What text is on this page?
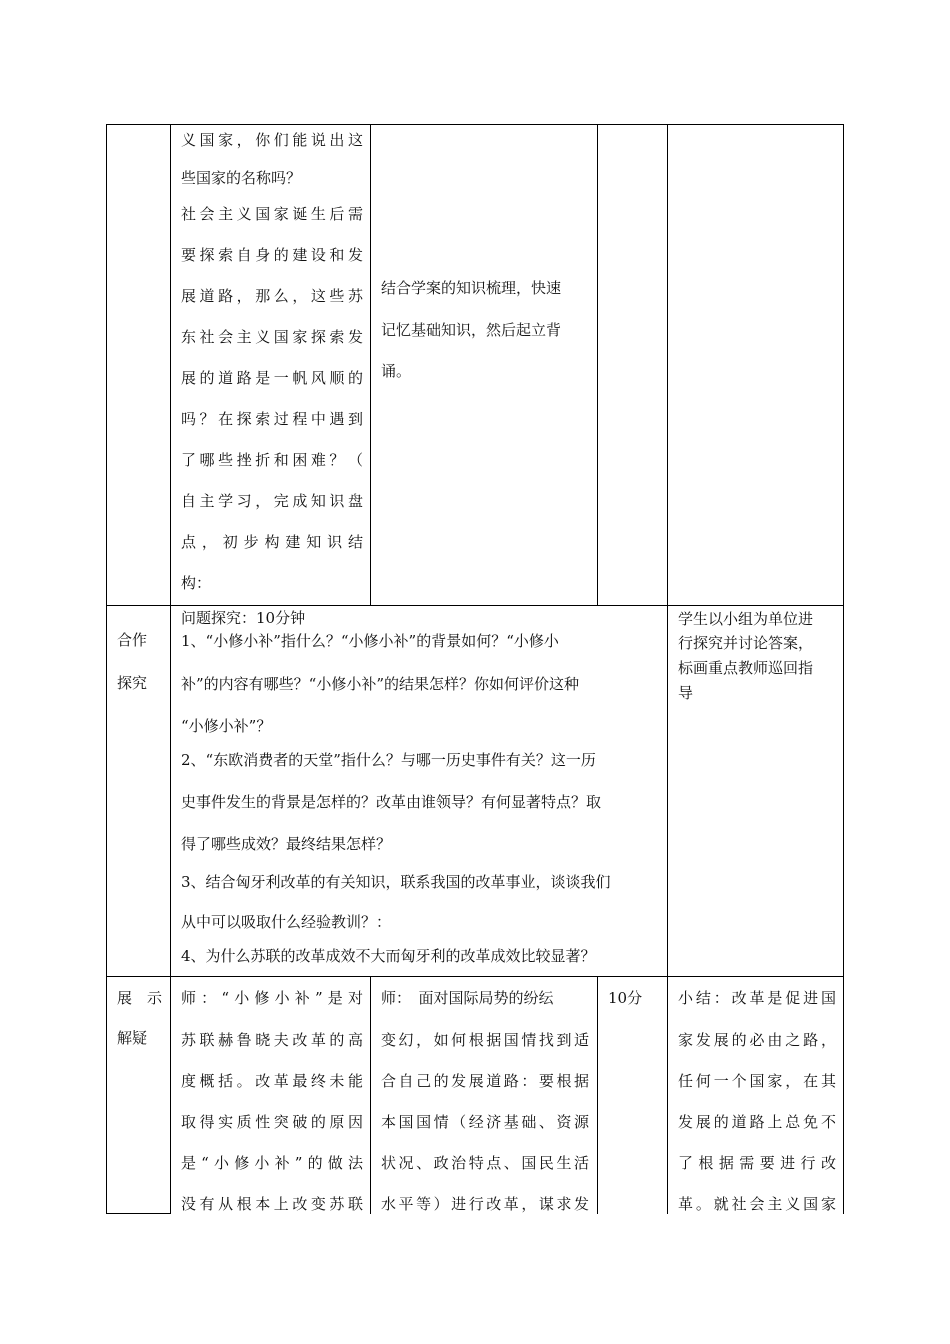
义国家，你们能说出这
些国家的名称吗？
社会主义国家诞生后需
要探索自身的建设和发
展道路，那么，这些苏
东社会主义国家探索发
展的道路是一帆风顺的
吗？在探索过程中遇到
了哪些挫折和困难？（
自主学习，完成知识盘
点，初步构建知识结
构：
结合学案的知识梳理，快速
记忆基础知识，然后起立背
诵。
合作
探究
问题探究：10分钟
1、“小修小补”指什么？“小修小补”的背景如何？“小修小
补”的内容有哪些？“小修小补”的结果怎样？你如何评价这种
“小修小补”？
2、“东欧消费者的天堂”指什么？与哪一历史事件有关？这一历
史事件发生的背景是怎样的？改革由谁领导？有何显著特点？取
得了哪些成效？最终结果怎样？
3、结合匈牙利改革的有关知识，联系我国的改革事业，谈谈我们
从中可以吸取什么经验教训？：
4、为什么苏联的改革成效不大而匈牙利的改革成效比较显著？
学生以小组为单位进
行探究并讨论答案，
标画重点教师巡回指
导
展　示
解疑
师：“小修小补”是对
苏联赫鲁晓夫改革的高
度概括。改革最终未能
取得实质性突破的原因
是“小修小补”的做法
没有从根本上改变苏联
师：　面对国际局势的纷纭
变幻，如何根据国情找到适
合自己的发展道路：要根据
本国国情（经济基础、资源
状况、政治特点、国民生活
水平等）进行改革，谋求发
10分 小结：改革是促进国
家发展的必由之路，
任何一个国家，在其
发展的道路上总免不
了根据需要进行改
革。就社会主义国家
